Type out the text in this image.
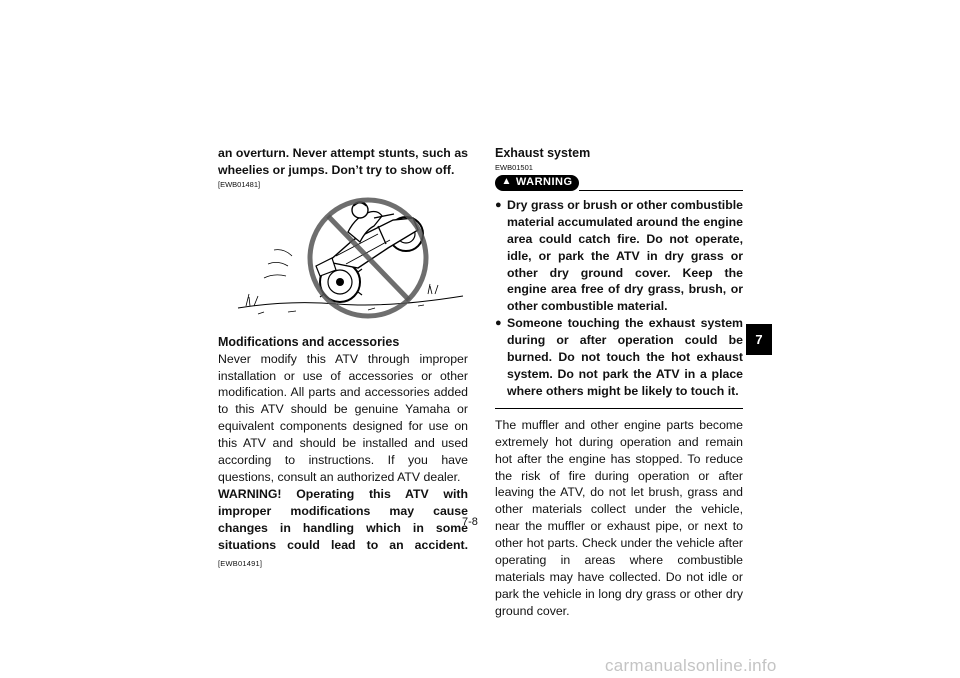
an overturn. Never attempt stunts, such as wheelies or jumps. Don’t try to show off.
[EWB01481]
Modifications and accessories
Never modify this ATV through improper installation or use of accessories or other modification. All parts and accessories added to this ATV should be genuine Yamaha or equivalent components designed for use on this ATV and should be installed and used according to instructions. If you have questions, consult an authorized ATV dealer.
WARNING! Operating this ATV with improper modifications may cause changes in handling which in some situations could lead to an accident. [EWB01491]
Exhaust system
EWB01501
▲ WARNING
● Dry grass or brush or other combustible material accumulated around the engine area could catch fire. Do not operate, idle, or park the ATV in dry grass or other dry ground cover. Keep the engine area free of dry grass, brush, or other combustible material.
● Someone touching the exhaust system during or after operation could be burned. Do not touch the hot exhaust system. Do not park the ATV in a place where others might be likely to touch it.
The muffler and other engine parts become extremely hot during operation and remain hot after the engine has stopped. To reduce the risk of fire during operation or after leaving the ATV, do not let brush, grass and other materials collect under the vehicle, near the muffler or exhaust pipe, or next to other hot parts. Check under the vehicle after operating in areas where combustible materials may have collected. Do not idle or park the vehicle in long dry grass or other dry ground cover.
7-8
7
carmanualsonline.info
